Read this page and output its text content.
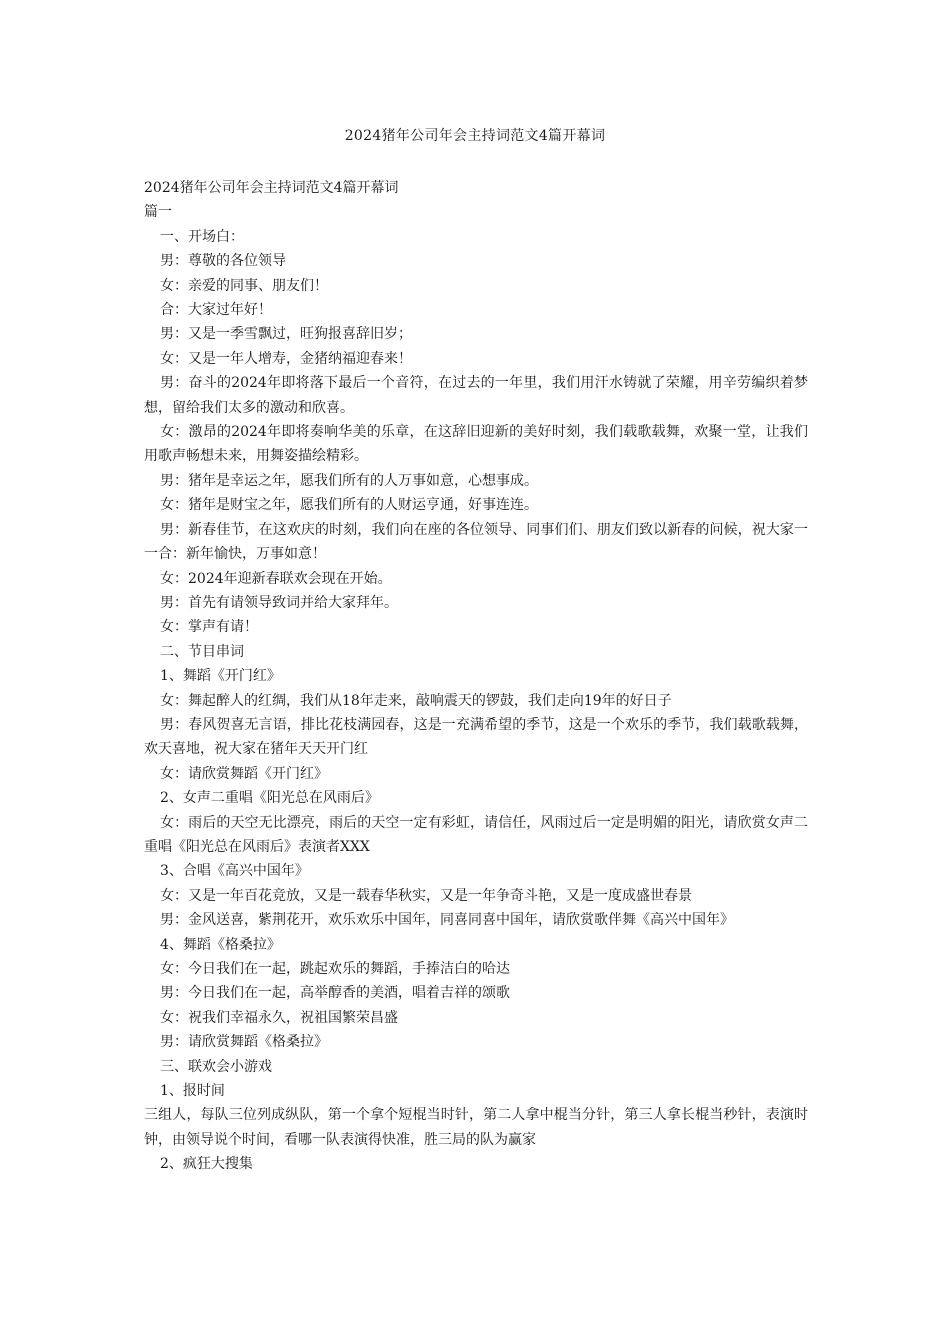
2024猪年公司年会主持词范文4篇开幕词

2024猪年公司年会主持词范文4篇开幕词

篇一

一、开场白：

男：尊敬的各位领导

女：亲爱的同事、朋友们！

合：大家过年好！

男：又是一季雪飘过，旺狗报喜辞旧岁；

女：又是一年人增寿，金猪纳福迎春来！

男：奋斗的2024年即将落下最后一个音符，在过去的一年里，我们用汗水铸就了荣耀，用辛劳编织着梦想，留给我们太多的激动和欣喜。

女：激昂的2024年即将奏响华美的乐章，在这辞旧迎新的美好时刻，我们载歌载舞，欢聚一堂，让我们用歌声畅想未来，用舞姿描绘精彩。

男：猪年是幸运之年，愿我们所有的人万事如意，心想事成。

女：猪年是财宝之年，愿我们所有的人财运亨通，好事连连。

男：新春佳节，在这欢庆的时刻，我们向在座的各位领导、同事们们、朋友们致以新春的问候，祝大家一一合：新年愉快，万事如意！

女：2024年迎新春联欢会现在开始。

男：首先有请领导致词并给大家拜年。

女：掌声有请！

二、节目串词

1、舞蹈《开门红》

女：舞起醉人的红绸，我们从18年走来，敲响震天的锣鼓，我们走向19年的好日子

男：春风贺喜无言语，排比花枝满园春，这是一充满希望的季节，这是一个欢乐的季节，我们载歌载舞，欢天喜地，祝大家在猪年天天开门红

女：请欣赏舞蹈《开门红》

2、女声二重唱《阳光总在风雨后》

女：雨后的天空无比漂亮，雨后的天空一定有彩虹，请信任，风雨过后一定是明媚的阳光，请欣赏女声二重唱《阳光总在风雨后》表演者XXX

3、合唱《高兴中国年》

女：又是一年百花竞放，又是一载春华秋实，又是一年争奇斗艳，又是一度成盛世春景

男：金风送喜，紫荆花开，欢乐欢乐中国年，同喜同喜中国年，请欣赏歌伴舞《高兴中国年》

4、舞蹈《格桑拉》

女：今日我们在一起，跳起欢乐的舞蹈，手捧洁白的哈达

男：今日我们在一起，高举醇香的美酒，唱着吉祥的颂歌

女：祝我们幸福永久，祝祖国繁荣昌盛

男：请欣赏舞蹈《格桑拉》

三、联欢会小游戏

1、报时间

三组人，每队三位列成纵队，第一个拿个短棍当时针，第二人拿中棍当分针，第三人拿长棍当秒针，表演时钟，由领导说个时间，看哪一队表演得快准，胜三局的队为赢家

2、疯狂大搜集
